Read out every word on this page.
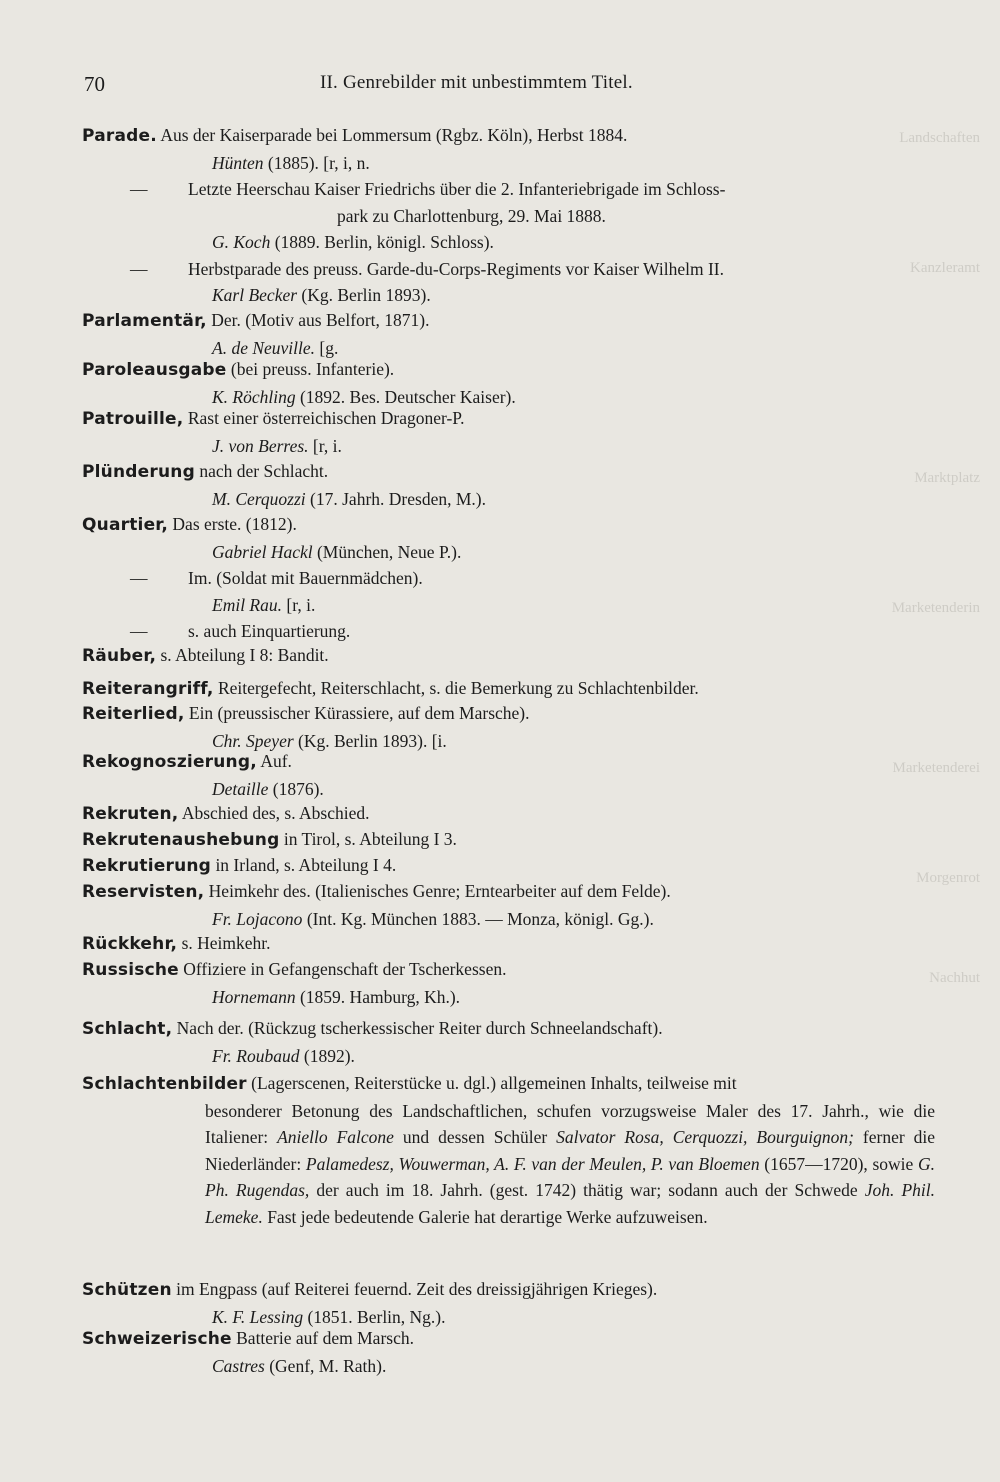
Landschaften
Kanzleramt
Marktplatz
Marketenderin
Marketenderei
Morgenrot
Nachhut
70	II. Genrebilder mit unbestimmtem Titel.
Parade. Aus der Kaiserparade bei Lommersum (Rgbz. Köln), Herbst 1884.
Hünten (1885). [r, i, n.
— Letzte Heerschau Kaiser Friedrichs über die 2. Infanteriebrigade im Schloss-
park zu Charlottenburg, 29. Mai 1888.
G. Koch (1889. Berlin, königl. Schloss).
— Herbstparade des preuss. Garde-du-Corps-Regiments vor Kaiser Wilhelm II.
Karl Becker (Kg. Berlin 1893).
Parlamentär, Der. (Motiv aus Belfort, 1871).
A. de Neuville. [g.
Paroleausgabe (bei preuss. Infanterie).
K. Röchling (1892. Bes. Deutscher Kaiser).
Patrouille, Rast einer österreichischen Dragoner-P.
J. von Berres. [r, i.
Plünderung nach der Schlacht.
M. Cerquozzi (17. Jahrh. Dresden, M.).
Quartier, Das erste. (1812).
Gabriel Hackl (München, Neue P.).
— Im. (Soldat mit Bauernmädchen).
Emil Rau. [r, i.
— s. auch Einquartierung.
Räuber, s. Abteilung I 8: Bandit.
Reiterangriff, Reitergefecht, Reiterschlacht, s. die Bemerkung zu Schlachtenbilder.
Reiterlied, Ein (preussischer Kürassiere, auf dem Marsche).
Chr. Speyer (Kg. Berlin 1893). [i.
Rekognoszierung, Auf.
Detaille (1876).
Rekruten, Abschied des, s. Abschied.
Rekrutenaushebung in Tirol, s. Abteilung I 3.
Rekrutierung in Irland, s. Abteilung I 4.
Reservisten, Heimkehr des. (Italienisches Genre; Erntearbeiter auf dem Felde).
Fr. Lojacono (Int. Kg. München 1883. — Monza, königl. Gg.).
Rückkehr, s. Heimkehr.
Russische Offiziere in Gefangenschaft der Tscherkessen.
Hornemann (1859. Hamburg, Kh.).
Schlacht, Nach der. (Rückzug tscherkessischer Reiter durch Schneelandschaft).
Fr. Roubaud (1892).
Schlachtenbilder (Lagerscenen, Reiterstücke u. dgl.) allgemeinen Inhalts, teilweise mit
besonderer Betonung des Landschaftlichen, schufen vorzugsweise Maler des 17. Jahrh., wie die Italiener: Aniello Falcone und dessen Schüler Salvator Rosa, Cerquozzi, Bourguignon; ferner die Niederländer: Palamedesz, Wouwerman, A. F. van der Meulen, P. van Bloemen (1657—1720), sowie G. Ph. Rugendas, der auch im 18. Jahrh. (gest. 1742) thätig war; sodann auch der Schwede Joh. Phil. Lemeke. Fast jede bedeutende Galerie hat derartige Werke aufzuweisen.
Schützen im Engpass (auf Reiterei feuernd. Zeit des dreissigjährigen Krieges).
K. F. Lessing (1851. Berlin, Ng.).
Schweizerische Batterie auf dem Marsch.
Castres (Genf, M. Rath).
